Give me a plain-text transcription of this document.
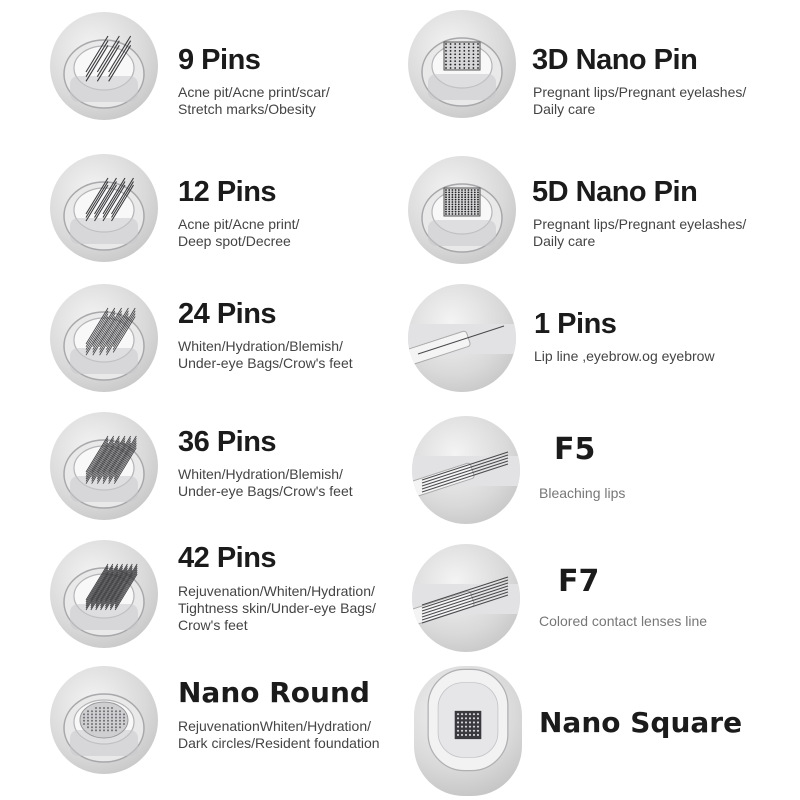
9 Pins
Acne pit/Acne print/scar/
Stretch marks/Obesity
12 Pins
Acne pit/Acne print/
Deep spot/Decree
24 Pins
Whiten/Hydration/Blemish/
Under-eye Bags/Crow's feet
36 Pins
Whiten/Hydration/Blemish/
Under-eye Bags/Crow's feet
42 Pins
Rejuvenation/Whiten/Hydration/
Tightness skin/Under-eye Bags/
Crow's feet
Nano Round
RejuvenationWhiten/Hydration/
Dark circles/Resident foundation
3D Nano Pin
Pregnant lips/Pregnant eyelashes/
Daily care
5D Nano Pin
Pregnant lips/Pregnant eyelashes/
Daily care
1 Pins
Lip line ,eyebrow.og eyebrow
F5
Bleaching lips
F7
Colored contact lenses line
Nano Square
